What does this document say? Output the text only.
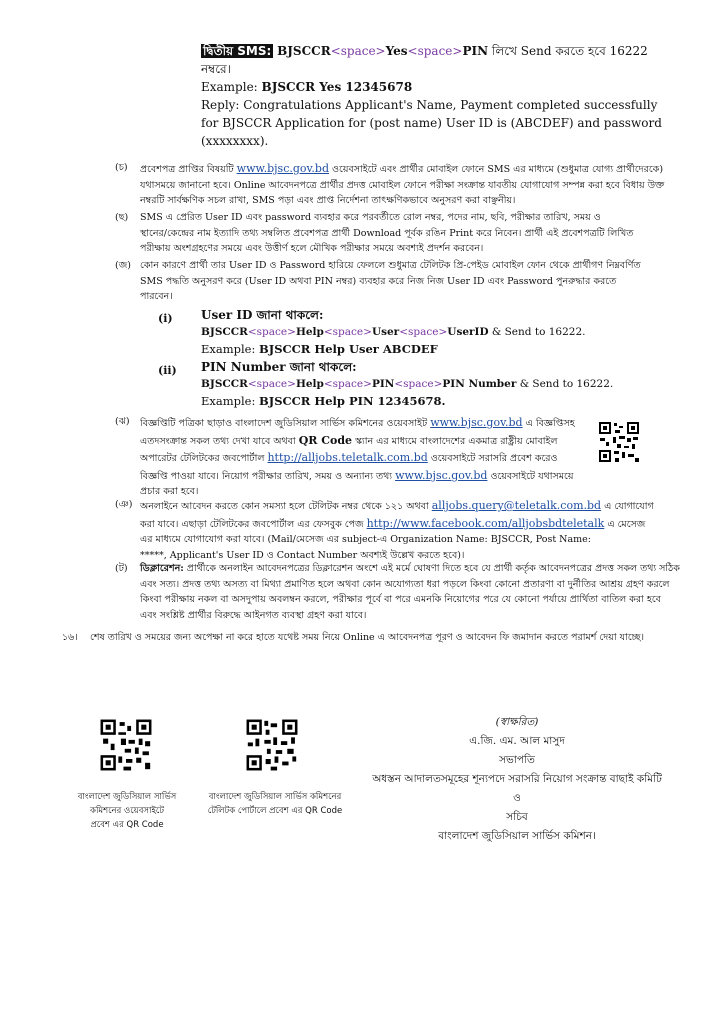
দ্বিতীয় SMS: BJSCCR<space>Yes<space>PIN লিখে Send করতে হবে 16222
নম্বরে।
Example: BJSCCR Yes 12345678
Reply: Congratulations Applicant's Name, Payment completed successfully
for BJSCCR Application for (post name) User ID is (ABCDEF) and password
(xxxxxxxx).
(চ) প্রবেশপত্র প্রাপ্তির বিষয়টি www.bjsc.gov.bd ওয়েবসাইটে এবং প্রার্থীর মোবাইল ফোনে SMS এর মাধ্যমে (শুধুমাত্র যোগ্য প্রার্থীদেরকে)
যথাসময়ে জানানো হবে। Online আবেদনপত্রে প্রার্থীর প্রদত্ত মোবাইল ফোনে পরীক্ষা সংক্রান্ত যাবতীয় যোগাযোগ সম্পন্ন করা হবে বিধায় উক্ত
নম্বরটি সার্বক্ষণিক সচল রাখা, SMS পড়া এবং প্রাপ্ত নির্দেশনা তাৎক্ষণিকভাবে অনুসরণ করা বাঞ্ছনীয়।
(ছ) SMS এ প্রেরিত User ID এবং password ব্যবহার করে পরবর্তীতে রোল নম্বর, পদের নাম, ছবি, পরীক্ষার তারিখ, সময় ও
স্থানের/কেন্দ্রের নাম ইত্যাদি তথ্য সম্বলিত প্রবেশপত্র প্রার্থী Download পূর্বক রঙিন Print করে নিবেন। প্রার্থী এই প্রবেশপত্রটি লিখিত
পরীক্ষায় অংশগ্রহণের সময়ে এবং উত্তীর্ণ হলে মৌখিক পরীক্ষার সময়ে অবশ্যই প্রদর্শন করবেন।
(জ) কোন কারণে প্রার্থী তার User ID ও Password হারিয়ে ফেললে শুধুমাত্র টেলিটক প্রি-পেইড মোবাইল ফোন থেকে প্রার্থীগণ নিম্নবর্ণিত
SMS পদ্ধতি অনুসরণ করে (User ID অথবা PIN নম্বর) ব্যবহার করে নিজ নিজ User ID এবং Password পুনরুদ্ধার করতে
পারবেন।
(i) User ID জানা থাকলে:
BJSCCR<space>Help<space>User<space>UserID & Send to 16222.
Example: BJSCCR Help User ABCDEF
(ii) PIN Number জানা থাকলে:
BJSCCR<space>Help<space>PIN<space>PIN Number & Send to 16222.
Example: BJSCCR Help PIN 12345678.
(ঝ) বিজ্ঞপ্তিটি পত্রিকা ছাড়াও বাংলাদেশ জুডিসিয়াল সার্ভিস কমিশনের ওয়েবসাইট www.bjsc.gov.bd এ বিজ্ঞপ্তিসহ
এতদসংক্রান্ত সকল তথ্য দেখা যাবে অথবা QR Code স্ক্যান এর মাধ্যমে বাংলাদেশের একমাত্র রাষ্ট্রীয় মোবাইল
অপারেটর টেলিটকের জবপোর্টাল http://alljobs.teletalk.com.bd ওয়েবসাইটে সরাসরি প্রবেশ করেও
বিজ্ঞপ্তি পাওয়া যাবে। নিয়োগ পরীক্ষার তারিখ, সময় ও অন্যান্য তথ্য www.bjsc.gov.bd ওয়েবসাইটে যথাসময়ে
প্রচার করা হবে।
(ঞ) অনলাইনে আবেদন করতে কোন সমস্যা হলে টেলিটক নম্বর থেকে ১২১ অথবা alljobs.query@teletalk.com.bd এ যোগাযোগ
করা যাবে। এছাড়া টেলিটকের জবপোর্টাল এর ফেসবুক পেজ http://www.facebook.com/alljobsbdteletalk এ মেসেজ
এর মাধ্যমে যোগাযোগ করা যাবে। (Mail/মেসেজ এর subject-এ Organization Name: BJSCCR, Post Name:
*****, Applicant's User ID ও Contact Number অবশ্যই উল্লেখ করতে হবে)।
(ট) ডিক্লারেশন: প্রার্থীকে অনলাইন আবেদনপত্রের ডিক্লারেশন অংশে এই মর্মে ঘোষণা দিতে হবে যে প্রার্থী কর্তৃক আবেদনপত্রের প্রদত্ত সকল তথ্য সঠিক
এবং সত্য। প্রদত্ত তথ্য অসত্য বা মিথ্যা প্রমাণিত হলে অথবা কোন অযোগ্যতা ধরা পড়লে কিংবা কোনো প্রতারণা বা দুর্নীতির আশ্রয় গ্রহণ করলে
কিংবা পরীক্ষায় নকল বা অসদুপায় অবলম্বন করলে, পরীক্ষার পূর্বে বা পরে এমনকি নিয়োগের পরে যে কোনো পর্যায়ে প্রার্থিতা বাতিল করা হবে
এবং সংশ্লিষ্ট প্রার্থীর বিরুদ্ধে আইনগত ব্যবস্থা গ্রহণ করা যাবে।
১৬। শেষ তারিখ ও সময়ের জন্য অপেক্ষা না করে হাতে যথেষ্ট সময় নিয়ে Online এ আবেদনপত্র পূরণ ও আবেদন ফি জমাদান করতে পরামর্শ দেয়া যাচ্ছে।
বাংলাদেশ জুডিসিয়াল সার্ভিস
কমিশনের ওয়েবসাইটে
প্রবেশ এর QR Code
বাংলাদেশ জুডিসিয়াল সার্ভিস কমিশনের
টেলিটক পোর্টালে প্রবেশ এর QR Code
(স্বাক্ষরিত)
এ.জি. এম. আল মাসুদ
সভাপতি
অধস্তন আদালতসমূহের শূন্যপদে সরাসরি নিয়োগ সংক্রান্ত বাছাই কমিটি
ও
সচিব
বাংলাদেশ জুডিসিয়াল সার্ভিস কমিশন।
